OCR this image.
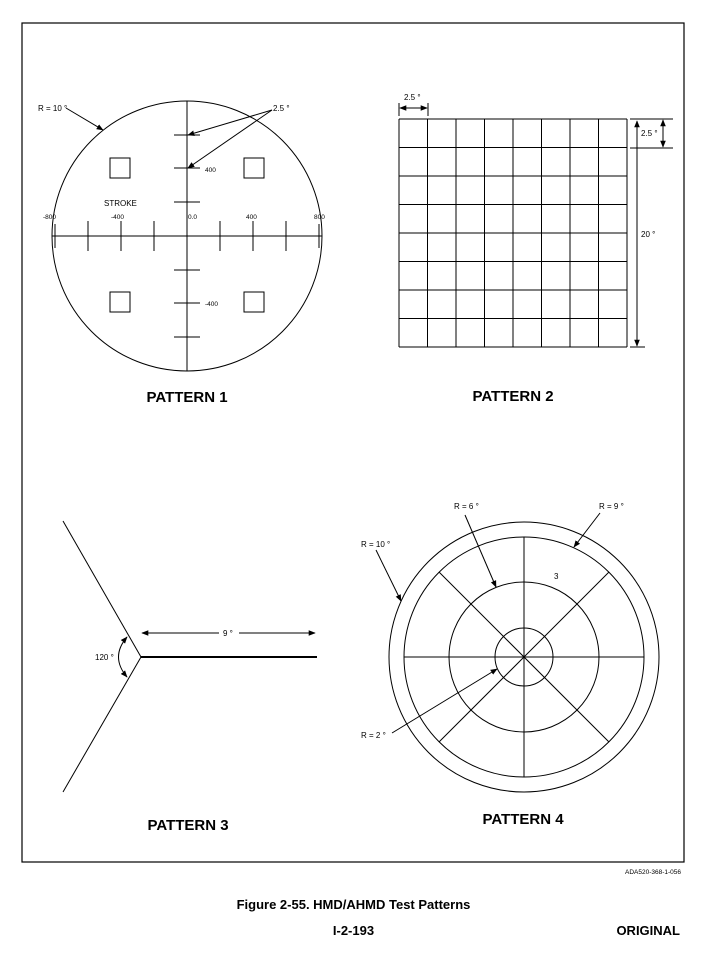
R = 10 °	2.5 °
STROKE
-800	-400	0.0	400	800
400
-400
PATTERN 1
2.5 °
2.5 °
20 °
PATTERN 2
9 °
120 °
PATTERN 3
R = 6 °	R = 9 °
R = 10 °
R = 2 °
3
PATTERN 4
ADA520-368-1-056
Figure 2-55. HMD/AHMD Test Patterns
I-2-193	ORIGINAL
